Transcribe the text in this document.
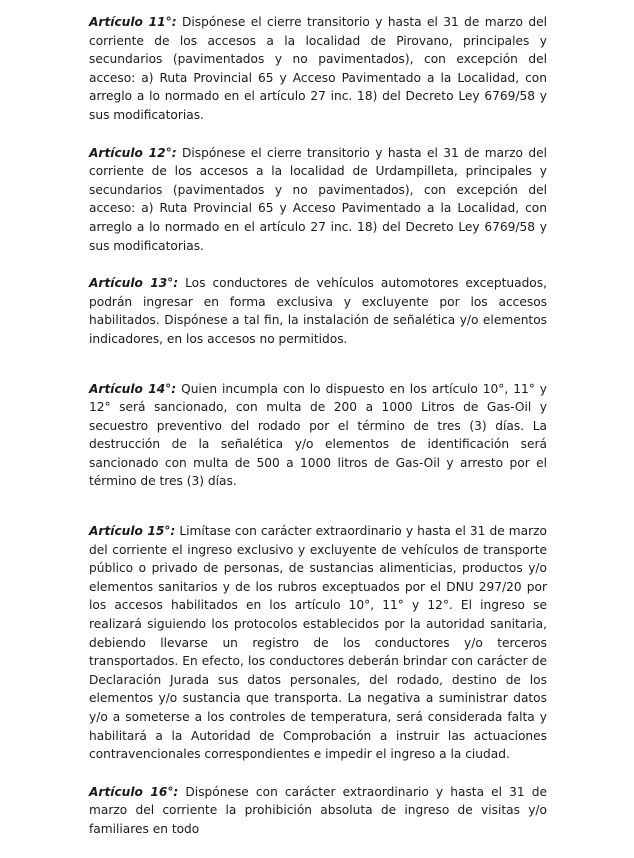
Artículo 11°: Dispónese el cierre transitorio y hasta el 31 de marzo del corriente de los accesos a la localidad de Pirovano, principales y secundarios (pavimentados y no pavimentados), con excepción del acceso: a) Ruta Provincial 65 y Acceso Pavimentado a la Localidad, con arreglo a lo normado en el artículo 27 inc. 18) del Decreto Ley 6769/58 y sus modificatorias.

Artículo 12°: Dispónese el cierre transitorio y hasta el 31 de marzo del corriente de los accesos a la localidad de Urdampilleta, principales y secundarios (pavimentados y no pavimentados), con excepción del acceso: a) Ruta Provincial 65 y Acceso Pavimentado a la Localidad, con arreglo a lo normado en el artículo 27 inc. 18) del Decreto Ley 6769/58 y sus modificatorias.

Artículo 13°: Los conductores de vehículos automotores exceptuados, podrán ingresar en forma exclusiva y excluyente por los accesos habilitados. Dispónese a tal fin, la instalación de señalética y/o elementos indicadores, en los accesos no permitidos.

Artículo 14°: Quien incumpla con lo dispuesto en los artículo 10°, 11° y 12° será sancionado, con multa de 200 a 1000 Litros de Gas-Oil y secuestro preventivo del rodado por el término de tres (3) días. La destrucción de la señalética y/o elementos de identificación será sancionado con multa de 500 a 1000 litros de Gas-Oil y arresto por el término de tres (3) días.

Artículo 15°: Limítase con carácter extraordinario y hasta el 31 de marzo del corriente el ingreso exclusivo y excluyente de vehículos de transporte público o privado de personas, de sustancias alimenticias, productos y/o elementos sanitarios y de los rubros exceptuados por el DNU 297/20 por los accesos habilitados en los artículo 10°, 11° y 12°. El ingreso se realizará siguiendo los protocolos establecidos por la autoridad sanitaria, debiendo llevarse un registro de los conductores y/o terceros transportados. En efecto, los conductores deberán brindar con carácter de Declaración Jurada sus datos personales, del rodado, destino de los elementos y/o sustancia que transporta. La negativa a suministrar datos y/o a someterse a los controles de temperatura, será considerada falta y habilitará a la Autoridad de Comprobación a instruir las actuaciones contravencionales correspondientes e impedir el ingreso a la ciudad.

Artículo 16°: Dispónese con carácter extraordinario y hasta el 31 de marzo del corriente la prohibición absoluta de ingreso de visitas y/o familiares en todo
